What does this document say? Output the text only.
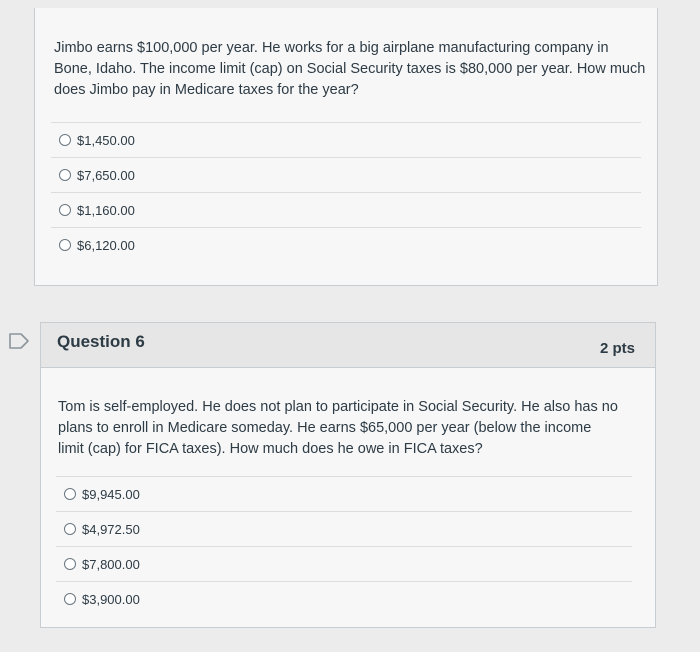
Jimbo earns $100,000 per year. He works for a big airplane manufacturing company in Bone, Idaho. The income limit (cap) on Social Security taxes is $80,000 per year. How much does Jimbo pay in Medicare taxes for the year?
$1,450.00
$7,650.00
$1,160.00
$6,120.00
Question 6	2 pts
Tom is self-employed. He does not plan to participate in Social Security. He also has no plans to enroll in Medicare someday. He earns $65,000 per year (below the income limit (cap) for FICA taxes). How much does he owe in FICA taxes?
$9,945.00
$4,972.50
$7,800.00
$3,900.00
